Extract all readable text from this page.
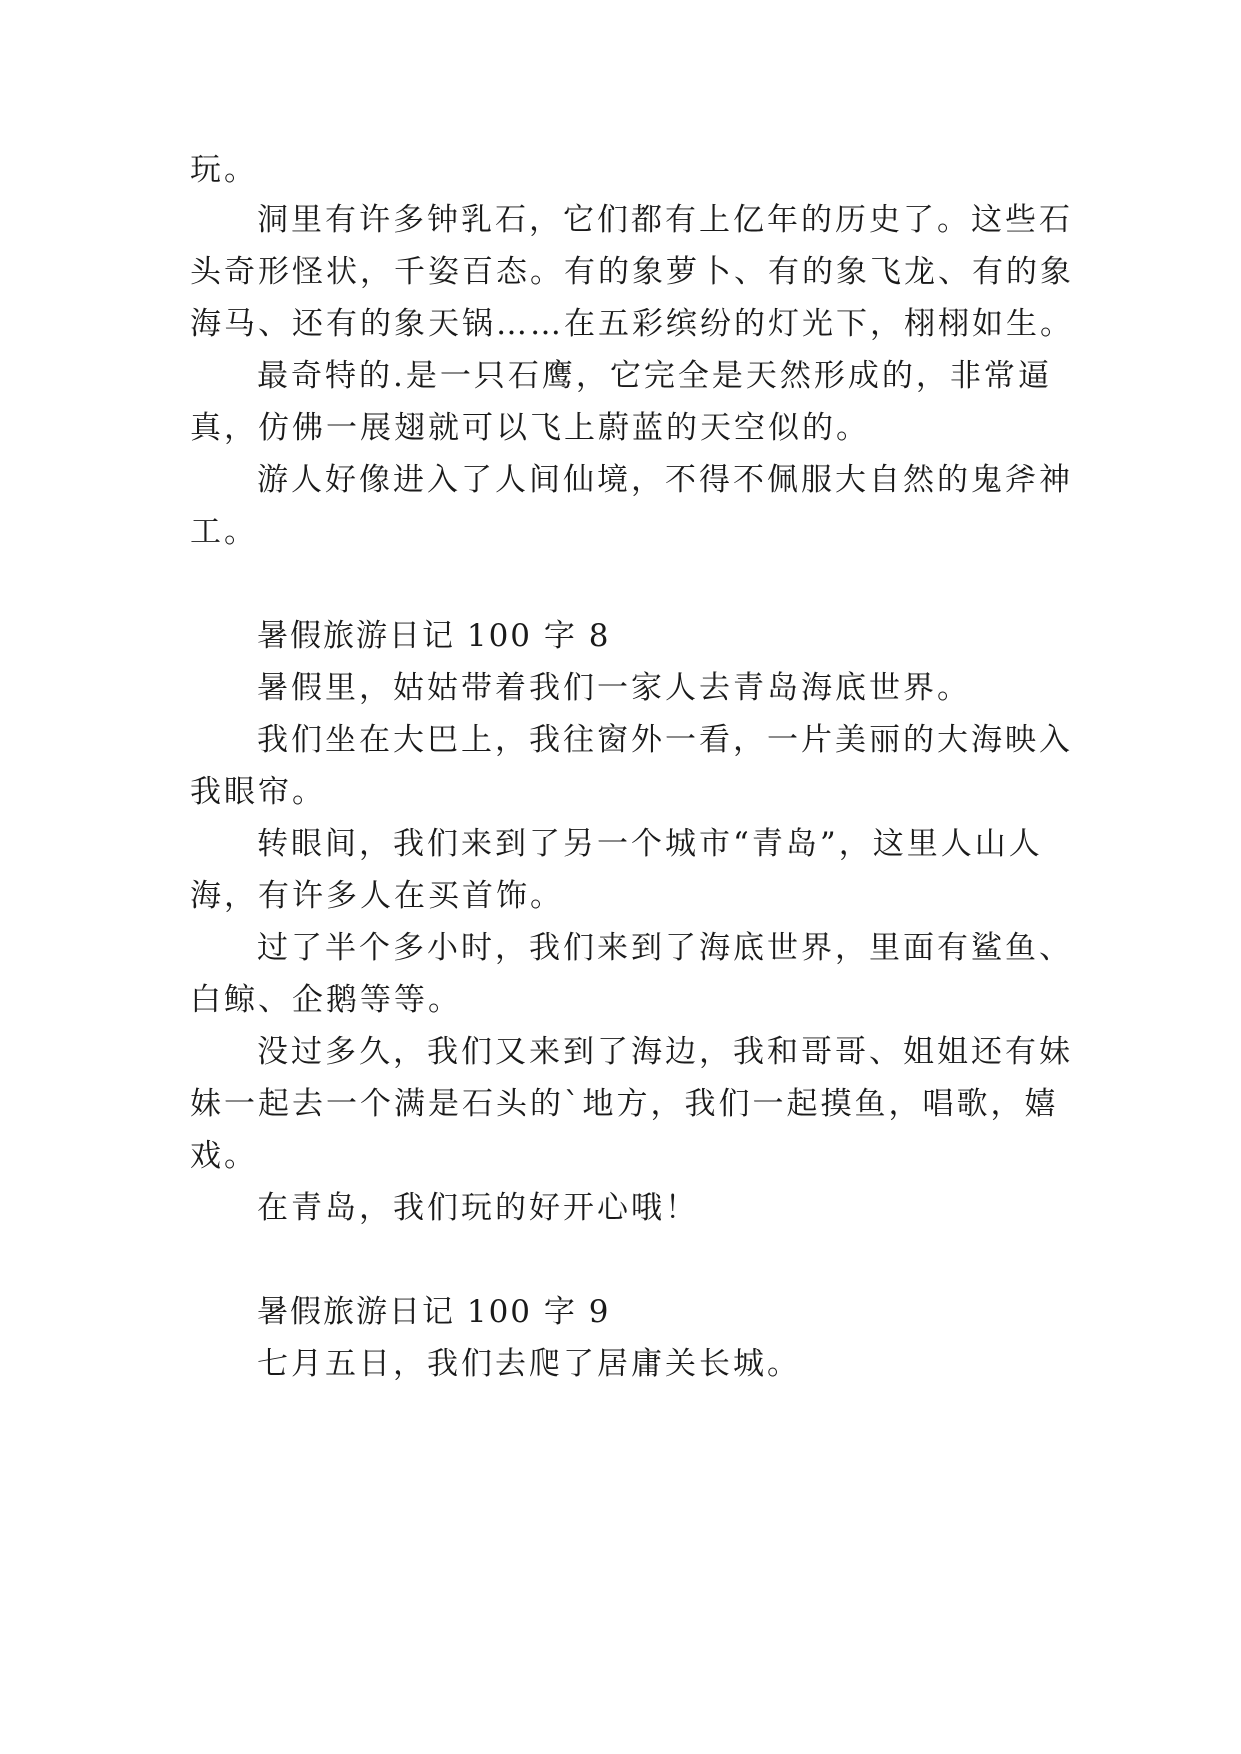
玩。
洞里有许多钟乳石，它们都有上亿年的历史了。这些石
头奇形怪状，千姿百态。有的象萝卜、有的象飞龙、有的象
海马、还有的象天锅……在五彩缤纷的灯光下，栩栩如生。
最奇特的.是一只石鹰，它完全是天然形成的，非常逼
真，仿佛一展翅就可以飞上蔚蓝的天空似的。
游人好像进入了人间仙境，不得不佩服大自然的鬼斧神
工。
暑假旅游日记 100 字 8
暑假里，姑姑带着我们一家人去青岛海底世界。
我们坐在大巴上，我往窗外一看，一片美丽的大海映入
我眼帘。
转眼间，我们来到了另一个城市“青岛”，这里人山人
海，有许多人在买首饰。
过了半个多小时，我们来到了海底世界，里面有鲨鱼、
白鲸、企鹅等等。
没过多久，我们又来到了海边，我和哥哥、姐姐还有妹
妹一起去一个满是石头的`地方，我们一起摸鱼，唱歌，嬉
戏。
在青岛，我们玩的好开心哦！
暑假旅游日记 100 字 9
七月五日，我们去爬了居庸关长城。
